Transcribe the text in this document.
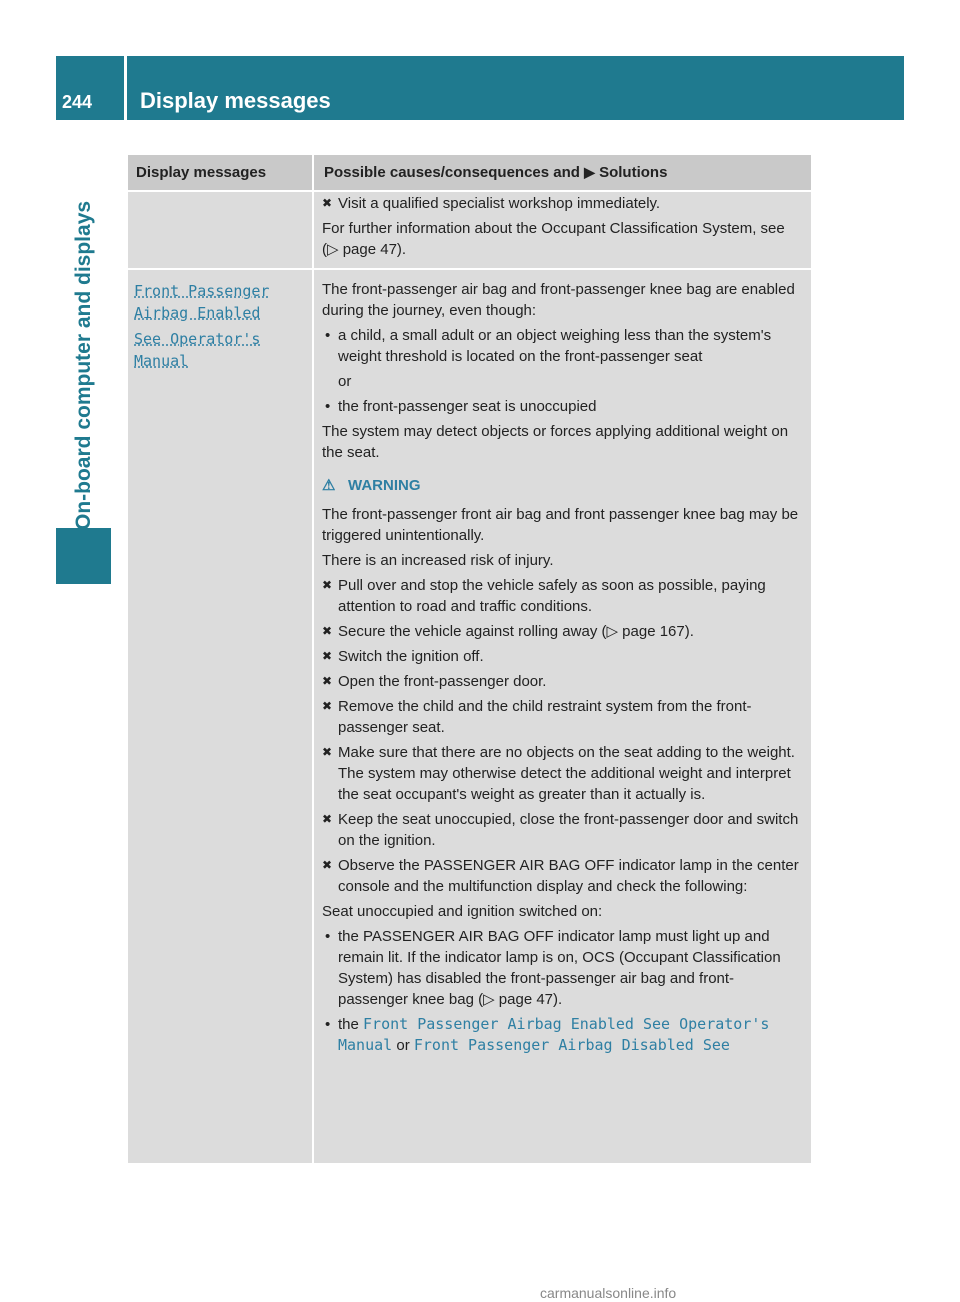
244 Display messages
On-board computer and displays
Display messages	Possible causes/consequences and ▶ Solutions
✖ Visit a qualified specialist workshop immediately.

For further information about the Occupant Classification System, see (▷ page 47).

Front Passenger
Airbag Enabled
See Operator's
Manual

The front-passenger air bag and front-passenger knee bag are enabled during the journey, even though:

• a child, a small adult or an object weighing less than the system's weight threshold is located on the front-passenger seat

or

• the front-passenger seat is unoccupied

The system may detect objects or forces applying additional weight on the seat.

⚠ WARNING

The front-passenger front air bag and front passenger knee bag may be triggered unintentionally.

There is an increased risk of injury.

✖ Pull over and stop the vehicle safely as soon as possible, paying attention to road and traffic conditions.
✖ Secure the vehicle against rolling away (▷ page 167).
✖ Switch the ignition off.
✖ Open the front-passenger door.
✖ Remove the child and the child restraint system from the front-passenger seat.
✖ Make sure that there are no objects on the seat adding to the weight.
The system may otherwise detect the additional weight and interpret the seat occupant's weight as greater than it actually is.
✖ Keep the seat unoccupied, close the front-passenger door and switch on the ignition.
✖ Observe the PASSENGER AIR BAG OFF indicator lamp in the center console and the multifunction display and check the following:

Seat unoccupied and ignition switched on:

• the PASSENGER AIR BAG OFF indicator lamp must light up and remain lit. If the indicator lamp is on, OCS (Occupant Classification System) has disabled the front-passenger air bag and front-passenger knee bag (▷ page 47).
• the Front Passenger Airbag Enabled See Operator's Manual or Front Passenger Airbag Disabled See
carmanualsonline.info
